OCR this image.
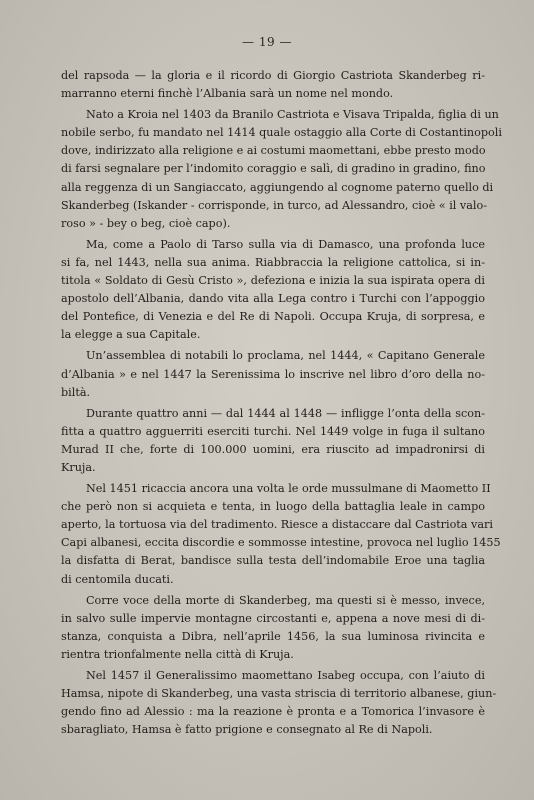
— 19 —
del rapsoda — la gloria e il ricordo di Giorgio Castriota Skanderbeg ri-
marranno eterni finchè l’Albania sarà un nome nel mondo.
Nato a Kroia nel 1403 da Branilo Castriota e Visava Tripalda, figlia di un
nobile serbo, fu mandato nel 1414 quale ostaggio alla Corte di Costantinopoli
dove, indirizzato alla religione e ai costumi maomettani, ebbe presto modo
di farsi segnalare per l’indomito coraggio e salì, di gradino in gradino, fino
alla reggenza di un Sangiaccato, aggiungendo al cognome paterno quello di
Skanderbeg (Iskander - corrisponde, in turco, ad Alessandro, cioè « il valo-
roso » - bey o beg, cioè capo).
Ma, come a Paolo di Tarso sulla via di Damasco, una profonda luce
si fa, nel 1443, nella sua anima. Riabbraccia la religione cattolica, si in-
titola « Soldato di Gesù Cristo », defeziona e inizia la sua ispirata opera di
apostolo dell’Albania, dando vita alla Lega contro i Turchi con l’appoggio
del Pontefice, di Venezia e del Re di Napoli. Occupa Kruja, di sorpresa, e
la elegge a sua Capitale.
Un’assemblea di notabili lo proclama, nel 1444, « Capitano Generale
d’Albania » e nel 1447 la Serenissima lo inscrive nel libro d’oro della no-
biltà.
Durante quattro anni — dal 1444 al 1448 — infligge l’onta della scon-
fitta a quattro agguerriti eserciti turchi. Nel 1449 volge in fuga il sultano
Murad II che, forte di 100.000 uomini, era riuscito ad impadronirsi di
Kruja.
Nel 1451 ricaccia ancora una volta le orde mussulmane di Maometto II
che però non si acquieta e tenta, in luogo della battaglia leale in campo
aperto, la tortuosa via del tradimento. Riesce a distaccare dal Castriota vari
Capi albanesi, eccita discordie e sommosse intestine, provoca nel luglio 1455
la disfatta di Berat, bandisce sulla testa dell’indomabile Eroe una taglia
di centomila ducati.
Corre voce della morte di Skanderbeg, ma questi si è messo, invece,
in salvo sulle impervie montagne circostanti e, appena a nove mesi di di-
stanza, conquista a Dibra, nell’aprile 1456, la sua luminosa rivincita e
rientra trionfalmente nella città di Kruja.
Nel 1457 il Generalissimo maomettano Isabeg occupa, con l’aiuto di
Hamsa, nipote di Skanderbeg, una vasta striscia di territorio albanese, giun-
gendo fino ad Alessio : ma la reazione è pronta e a Tomorica l’invasore è
sbaragliato, Hamsa è fatto prigione e consegnato al Re di Napoli.
